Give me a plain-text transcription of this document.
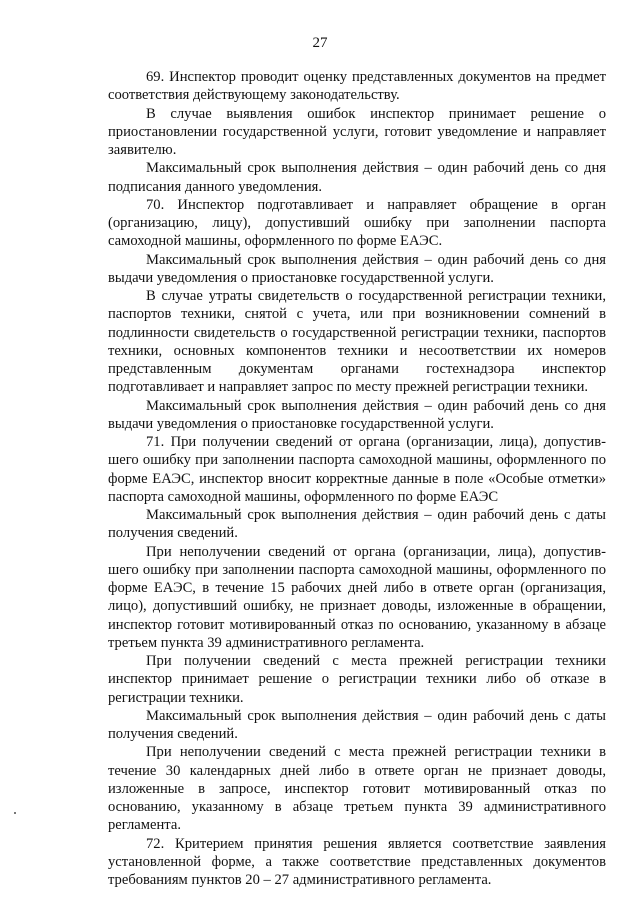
27

69. Инспектор проводит оценку представленных документов на предмет соответствия действующему законодательству.

В случае выявления ошибок инспектор принимает решение о приостановлении государственной услуги, готовит уведомление и направляет заявителю.

Максимальный срок выполнения действия – один рабочий день со дня подписания данного уведомления.

70. Инспектор подготавливает и направляет обращение в орган (организацию, лицу), допустивший ошибку при заполнении паспорта самоходной машины, оформленного по форме ЕАЭС.

Максимальный срок выполнения действия – один рабочий день со дня выдачи уведомления о приостановке государственной услуги.

В случае утраты свидетельств о государственной регистрации техники, паспортов техники, снятой с учета, или при возникновении сомнений в подлинности свидетельств о государственной регистрации техники, паспортов техники, основных компонентов техники и несоответствии их номеров представленным документам органами гостехнадзора инспектор подготавливает и направляет запрос по месту прежней регистрации техники.

Максимальный срок выполнения действия – один рабочий день со дня выдачи уведомления о приостановке государственной услуги.

71. При получении сведений от органа (организации, лица), допустив-шего ошибку при заполнении паспорта самоходной машины, оформленного по форме ЕАЭС, инспектор вносит корректные данные в поле «Особые отметки» паспорта самоходной машины, оформленного по форме ЕАЭС

Максимальный срок выполнения действия – один рабочий день с даты получения сведений.

При неполучении сведений от органа (организации, лица), допустив-шего ошибку при заполнении паспорта самоходной машины, оформленного по форме ЕАЭС, в течение 15 рабочих дней либо в ответе орган (организация, лицо), допустивший ошибку, не признает доводы, изложенные в обращении, инспектор готовит мотивированный отказ по основанию, указанному в абзаце третьем пункта 39 административного регламента.

При получении сведений с места прежней регистрации техники инспектор принимает решение о регистрации техники либо об отказе в регистрации техники.

Максимальный срок выполнения действия – один рабочий день с даты получения сведений.

При неполучении сведений с места прежней регистрации техники в течение 30 календарных дней либо в ответе орган не признает доводы, изложенные в запросе, инспектор готовит мотивированный отказ по основанию, указанному в абзаце третьем пункта 39 административного регламента.

72. Критерием принятия решения является соответствие заявления установленной форме, а также соответствие представленных документов требованиям пунктов 20 – 27 административного регламента.
